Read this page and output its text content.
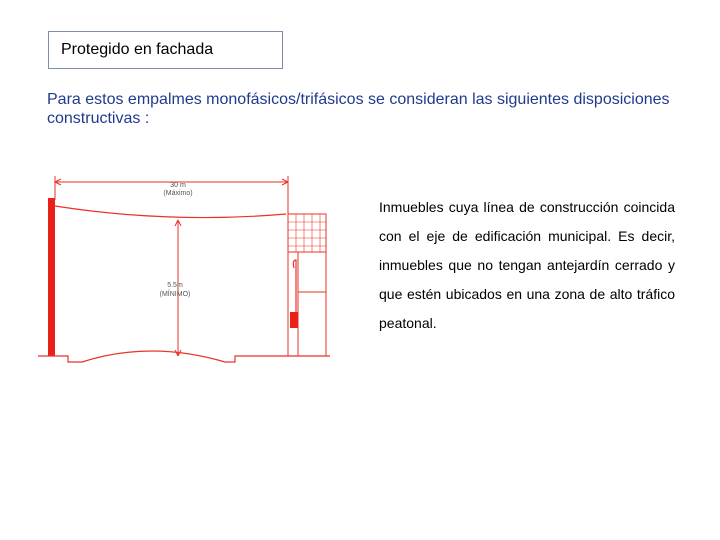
Protegido en fachada
Para estos empalmes monofásicos/trifásicos se consideran las siguientes disposiciones constructivas :
30 m
(Máximo)
5.5m
(MÍNIMO)
Inmuebles cuya línea de construcción coincida con el eje de edificación municipal. Es decir, inmuebles que no tengan antejardín cerrado y que estén ubicados en una zona de alto tráfico peatonal.
